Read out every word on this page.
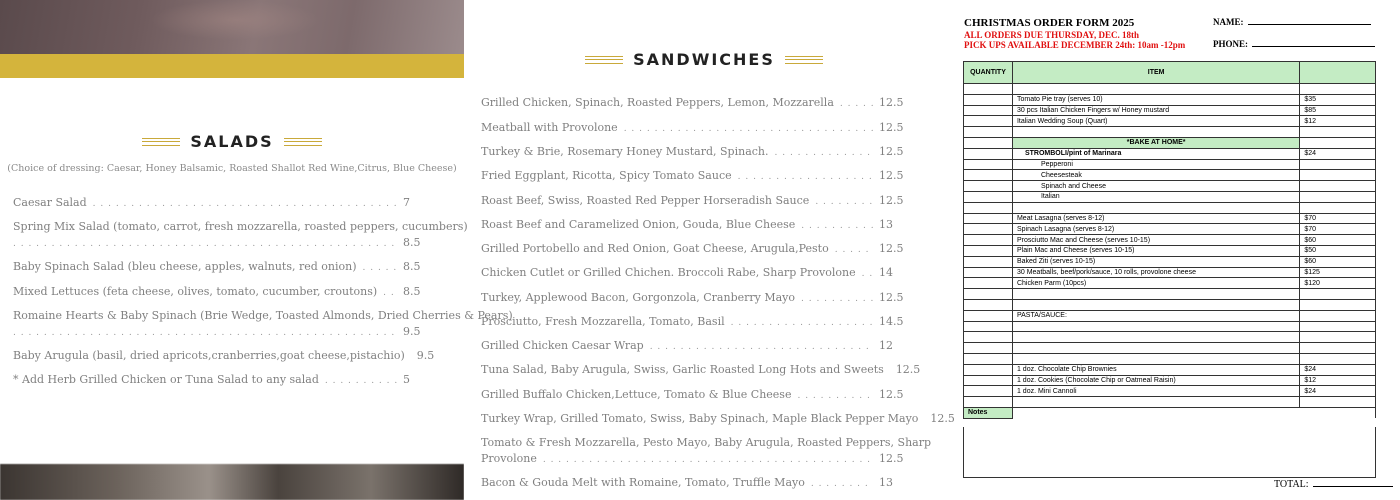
SALADS
(Choice of dressing: Caesar, Honey Balsamic, Roasted Shallot Red Wine,Citrus, Blue Cheese)
Caesar Salad . . .	7
Spring Mix Salad (tomato, carrot, fresh mozzarella, roasted peppers, cucumbers)
. . .
8.5
Baby Spinach Salad (bleu cheese, apples, walnuts, red onion) . . .	8.5
Mixed Lettuces (feta cheese, olives, tomato, cucumber, croutons) . . . 8.5
Romaine Hearts & Baby Spinach (Brie Wedge, Toasted Almonds, Dried Cherries & Pears)
. . .
9.5
Baby Arugula (basil, dried apricots,cranberries,goat cheese,pistachio) 9.5
* Add Herb Grilled Chicken or Tuna Salad to any salad . . .	5
SANDWICHES
Grilled Chicken, Spinach, Roasted Peppers, Lemon, Mozzarella . . .	12.5
Meatball with Provolone . . .	12.5
Turkey & Brie, Rosemary Honey Mustard, Spinach. . . .	12.5
Fried Eggplant, Ricotta, Spicy Tomato Sauce . . .	12.5
Roast Beef, Swiss, Roasted Red Pepper Horseradish Sauce . . .	12.5
Roast Beef and Caramelized Onion, Gouda, Blue Cheese . . .	13
Grilled Portobello and Red Onion, Goat Cheese, Arugula,Pesto . . .	12.5
Chicken Cutlet or Grilled Chichen. Broccoli Rabe, Sharp Provolone . . . 14
Turkey, Applewood Bacon, Gorgonzola, Cranberry Mayo . . .	12.5
Prosciutto, Fresh Mozzarella, Tomato, Basil . . .	14.5
Grilled Chicken Caesar Wrap . . .	12
Tuna Salad, Baby Arugula, Swiss, Garlic Roasted Long Hots and Sweets 12.5
Grilled Buffalo Chicken,Lettuce, Tomato & Blue Cheese . . .	12.5
Turkey Wrap, Grilled Tomato, Swiss, Baby Spinach, Maple Black Pepper Mayo 12.5
Tomato & Fresh Mozzarella, Pesto Mayo, Baby Arugula, Roasted Peppers, Sharp
Provolone . . .	12.5
Bacon & Gouda Melt with Romaine, Tomato, Truffle Mayo . . .	13
CHRISTMAS ORDER FORM 2025
ALL ORDERS DUE THURSDAY, DEC. 18th
PICK UPS AVAILABLE DECEMBER 24th: 10am -12pm
NAME:
PHONE:
QUANTITY	ITEM	

	Tomato Pie tray (serves 10)	$35
	30 pcs Italian Chicken Fingers w/ Honey mustard	$85
	Italian Wedding Soup (Quart)	$12

	*BAKE AT HOME*	
	STROMBOLI/pint of Marinara	$24
	Pepperoni	
	Cheesesteak	
	Spinach and Cheese	
	Italian	

	Meat Lasagna (serves 8-12)	$70
	Spinach Lasagna (serves 8-12)	$70
	Prosciutto Mac and Cheese (serves 10-15)	$60
	Plain Mac and Cheese (serves 10-15)	$50
	Baked Ziti (serves 10-15)	$60
	30 Meatballs, beef/pork/sauce, 10 rolls, provolone cheese	$125
	Chicken Parm (10pcs)	$120

	PASTA/SAUCE:	

	1 doz. Chocolate Chip Brownies	$24
	1 doz. Cookies (Chocolate Chip or Oatmeal Raisin)	$12
	1 doz. Mini Cannoli	$24

Notes		
TOTAL:
